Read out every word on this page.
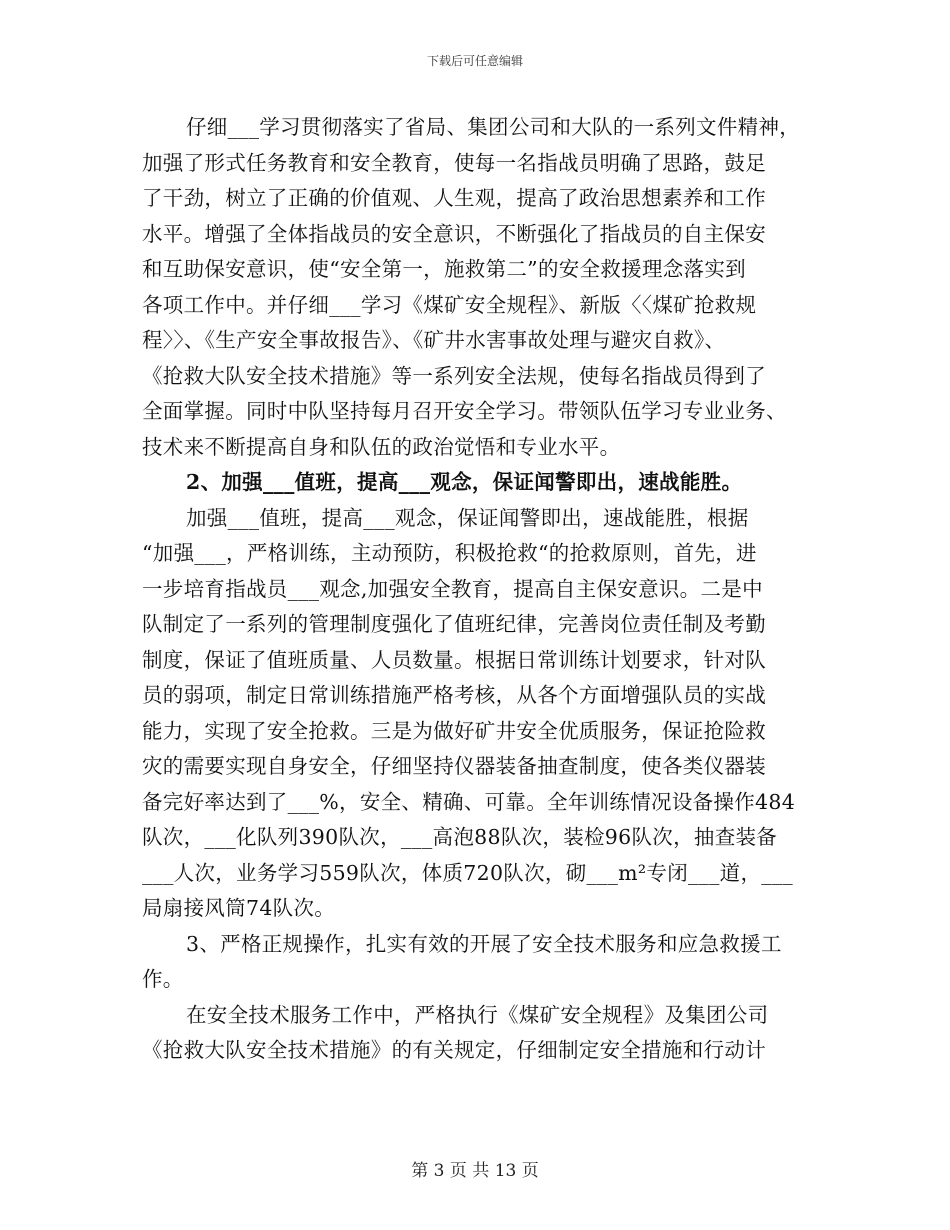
下载后可任意编辑
仔细___学习贯彻落实了省局、集团公司和大队的一系列文件精神，
加强了形式任务教育和安全教育，使每一名指战员明确了思路，鼓足
了干劲，树立了正确的价值观、人生观，提高了政治思想素养和工作
水平。增强了全体指战员的安全意识，不断强化了指战员的自主保安
和互助保安意识，使“安全第一，施救第二”的安全救援理念落实到
各项工作中。并仔细___学习《煤矿安全规程》、新版〈〈煤矿抢救规
程〉〉、《生产安全事故报告》、《矿井水害事故处理与避灾自救》、
《抢救大队安全技术措施》等一系列安全法规，使每名指战员得到了
全面掌握。同时中队坚持每月召开安全学习。带领队伍学习专业业务、
技术来不断提高自身和队伍的政治觉悟和专业水平。
2、加强___值班，提高___观念，保证闻警即出，速战能胜。
加强___值班，提高___观念，保证闻警即出，速战能胜，根据
“加强___，严格训练，主动预防，积极抢救“的抢救原则，首先，进
一步培育指战员___观念,加强安全教育，提高自主保安意识。二是中
队制定了一系列的管理制度强化了值班纪律，完善岗位责任制及考勤
制度，保证了值班质量、人员数量。根据日常训练计划要求，针对队
员的弱项，制定日常训练措施严格考核，从各个方面增强队员的实战
能力，实现了安全抢救。三是为做好矿井安全优质服务，保证抢险救
灾的需要实现自身安全，仔细坚持仪器装备抽查制度，使各类仪器装
备完好率达到了___%，安全、精确、可靠。全年训练情况设备操作484
队次，___化队列390队次，___高泡88队次，装检96队次，抽查装备
___人次，业务学习559队次，体质720队次，砌___m²专闭___道，___
局扇接风筒74队次。
3、严格正规操作，扎实有效的开展了安全技术服务和应急救援工
作。
在安全技术服务工作中，严格执行《煤矿安全规程》及集团公司
《抢救大队安全技术措施》的有关规定，仔细制定安全措施和行动计
第 3 页 共 13 页
